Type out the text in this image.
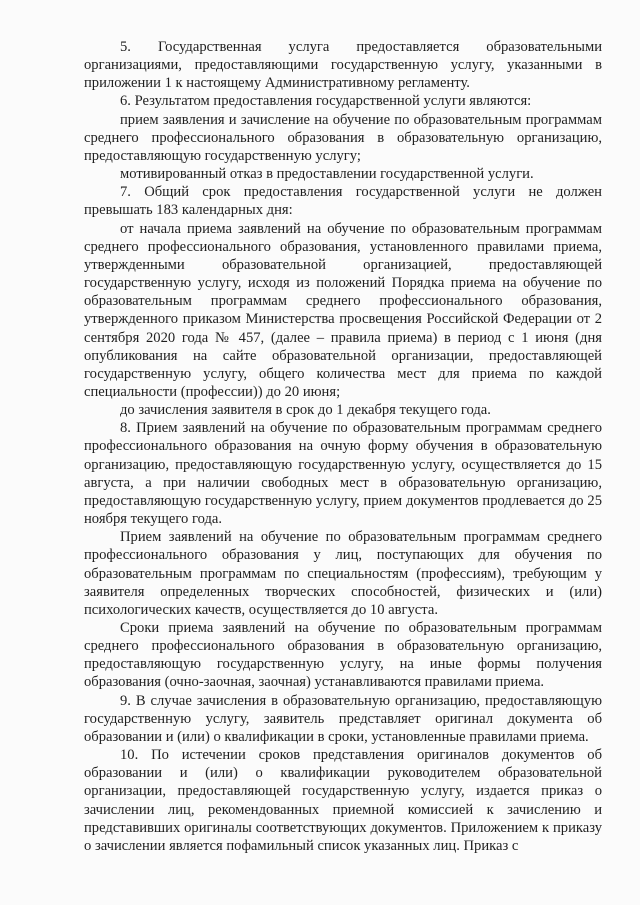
5. Государственная услуга предоставляется образовательными организациями, предоставляющими государственную услугу, указанными в приложении 1 к настоящему Административному регламенту.

6. Результатом предоставления государственной услуги являются:

прием заявления и зачисление на обучение по образовательным программам среднего профессионального образования в образовательную организацию, предоставляющую государственную услугу;

мотивированный отказ в предоставлении государственной услуги.

7. Общий срок предоставления государственной услуги не должен превышать 183 календарных дня:

от начала приема заявлений на обучение по образовательным программам среднего профессионального образования, установленного правилами приема, утвержденными образовательной организацией, предоставляющей государственную услугу, исходя из положений Порядка приема на обучение по образовательным программам среднего профессионального образования, утвержденного приказом Министерства просвещения Российской Федерации от 2 сентября 2020 года № 457, (далее – правила приема) в период с 1 июня (дня опубликования на сайте образовательной организации, предоставляющей государственную услугу, общего количества мест для приема по каждой специальности (профессии)) до 20 июня;

до зачисления заявителя в срок до 1 декабря текущего года.

8. Прием заявлений на обучение по образовательным программам среднего профессионального образования на очную форму обучения в образовательную организацию, предоставляющую государственную услугу, осуществляется до 15 августа, а при наличии свободных мест в образовательную организацию, предоставляющую государственную услугу, прием документов продлевается до 25 ноября текущего года.

Прием заявлений на обучение по образовательным программам среднего профессионального образования у лиц, поступающих для обучения по образовательным программам по специальностям (профессиям), требующим у заявителя определенных творческих способностей, физических и (или) психологических качеств, осуществляется до 10 августа.

Сроки приема заявлений на обучение по образовательным программам среднего профессионального образования в образовательную организацию, предоставляющую государственную услугу, на иные формы получения образования (очно-заочная, заочная) устанавливаются правилами приема.

9. В случае зачисления в образовательную организацию, предоставляющую государственную услугу, заявитель представляет оригинал документа об образовании и (или) о квалификации в сроки, установленные правилами приема.

10. По истечении сроков представления оригиналов документов об образовании и (или) о квалификации руководителем образовательной организации, предоставляющей государственную услугу, издается приказ о зачислении лиц, рекомендованных приемной комиссией к зачислению и представивших оригиналы соответствующих документов. Приложением к приказу о зачислении является пофамильный список указанных лиц. Приказ с
